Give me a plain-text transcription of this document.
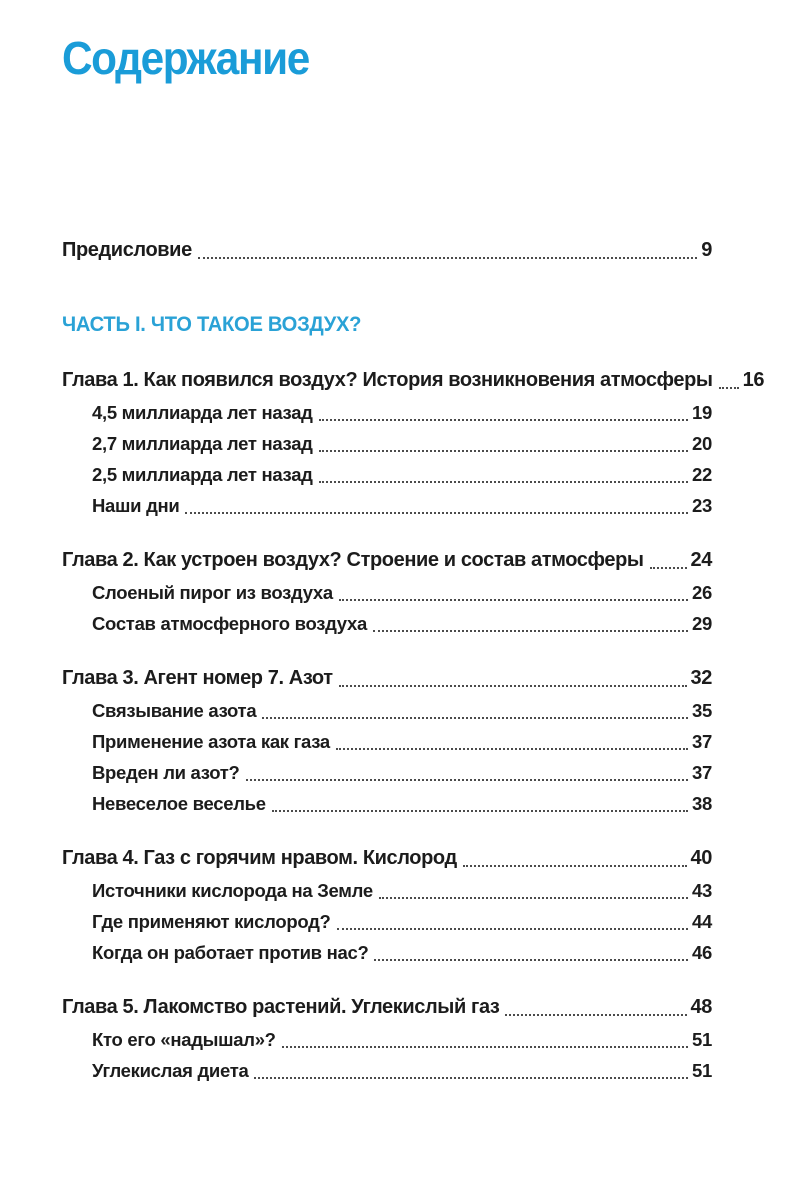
Содержание
Предисловие	9
ЧАСТЬ I. ЧТО ТАКОЕ ВОЗДУХ?
Глава 1. Как появился воздух? История возникновения атмосферы 16
4,5 миллиарда лет назад	19
2,7 миллиарда лет назад	20
2,5 миллиарда лет назад	22
Наши дни	23
Глава 2. Как устроен воздух? Строение и состав атмосферы 24
Слоеный пирог из воздуха	26
Состав атмосферного воздуха	29
Глава 3. Агент номер 7. Азот	32
Связывание азота	35
Применение азота как газа	37
Вреден ли азот?	37
Невеселое веселье	38
Глава 4. Газ с горячим нравом. Кислород	40
Источники кислорода на Земле	43
Где применяют кислород?	44
Когда он работает против нас?	46
Глава 5. Лакомство растений. Углекислый газ	48
Кто его «надышал»?	51
Углекислая диета	51
